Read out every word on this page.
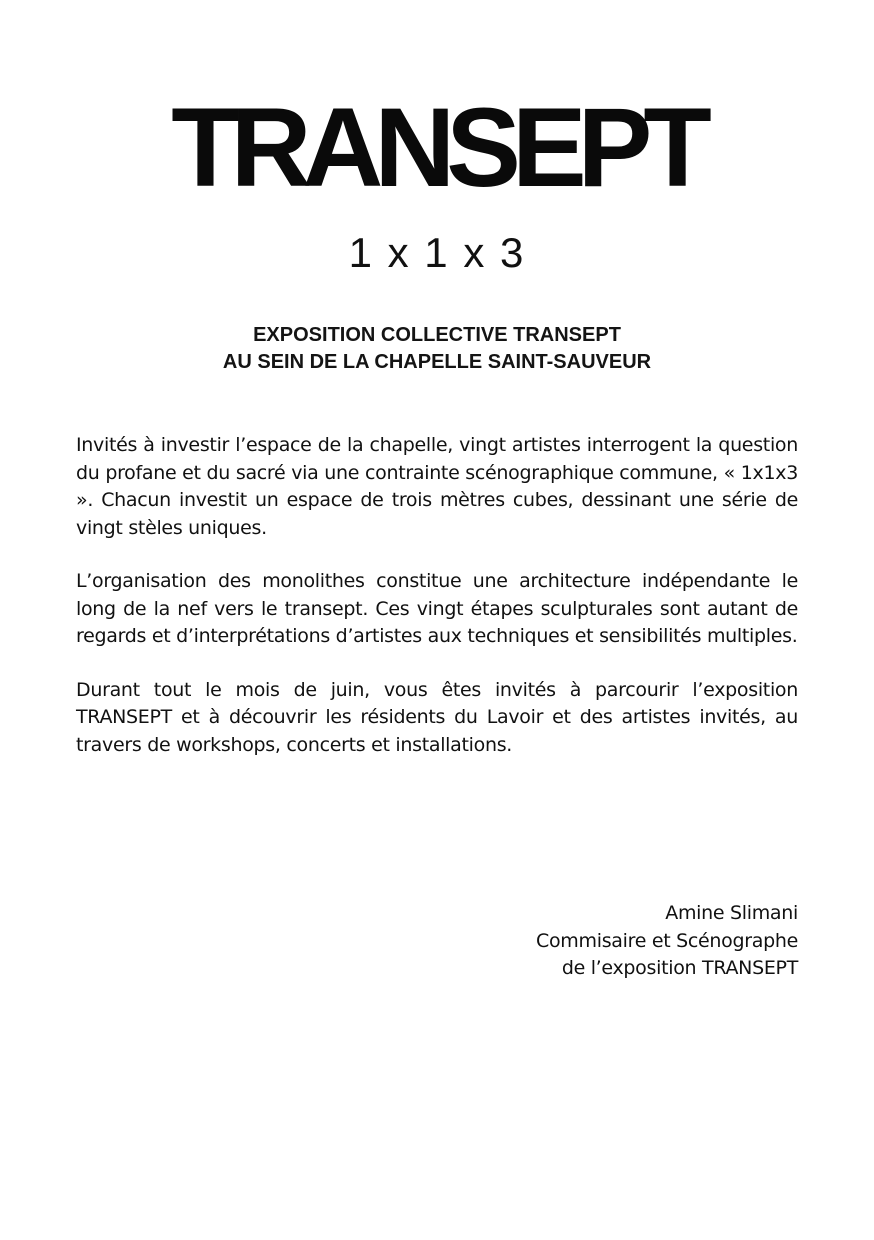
TRANSEPT
1 x 1 x 3
EXPOSITION COLLECTIVE TRANSEPT
AU SEIN DE LA CHAPELLE SAINT-SAUVEUR

Invités à investir l’espace de la chapelle, vingt artistes interrogent la question du profane et du sacré via une contrainte scénographique commune, « 1x1x3 ». Chacun investit un espace de trois mètres cubes, dessinant une série de vingt stèles uniques.

L’organisation des monolithes constitue une architecture indépendante le long de la nef vers le transept. Ces vingt étapes sculpturales sont autant de regards et d’interprétations d’artistes aux techniques et sensibilités multiples.

Durant tout le mois de juin, vous êtes invités à parcourir l’exposition TRANSEPT et à découvrir les résidents du Lavoir et des artistes invités, au travers de workshops, concerts et installations.

Amine Slimani
Commisaire et Scénographe
de l’exposition TRANSEPT
